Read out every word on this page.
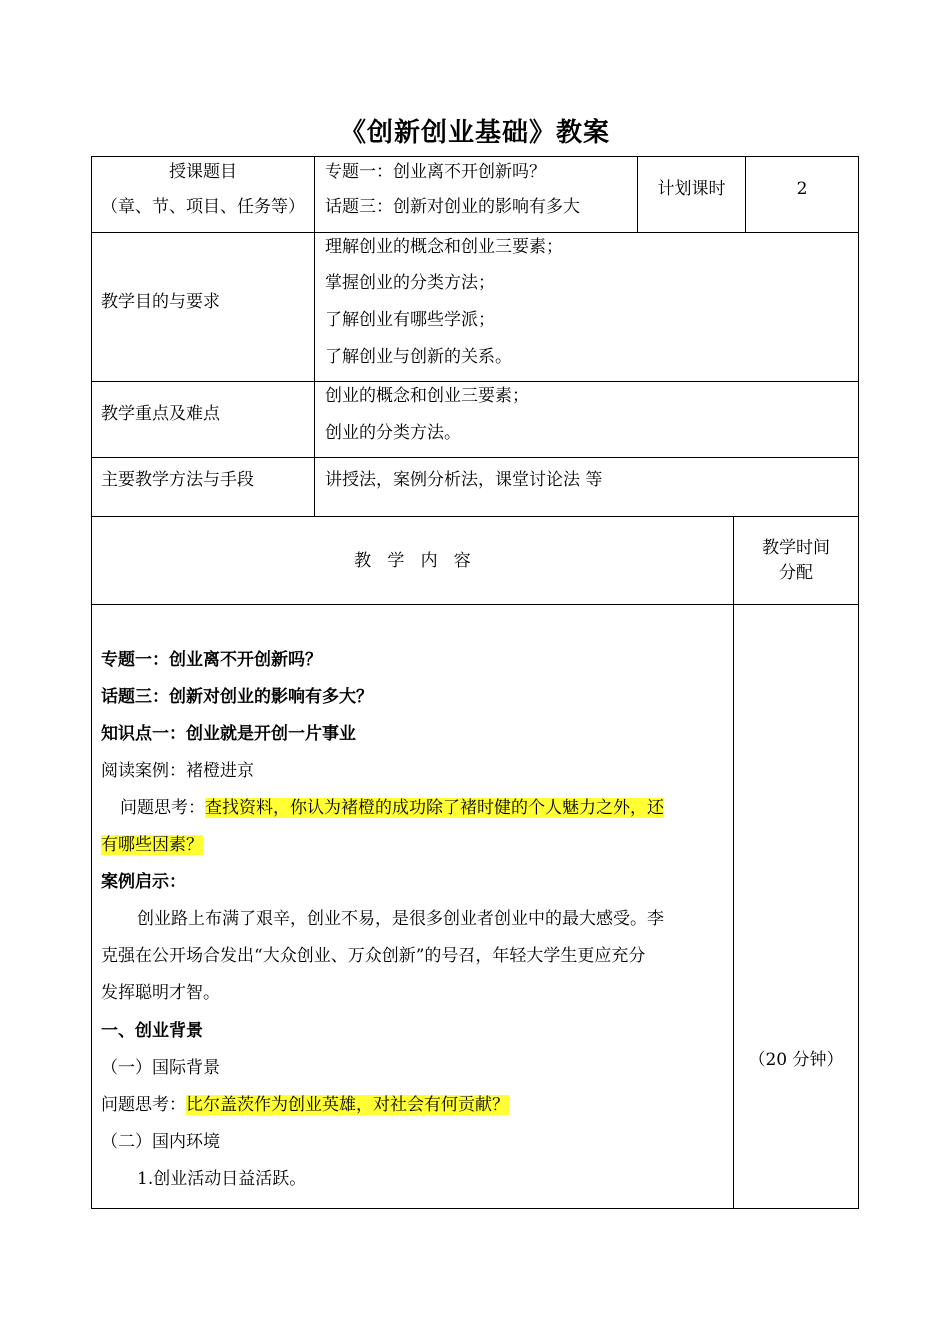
《创新创业基础》教案
授课题目
（章、节、项目、任务等）
专题一：创业离不开创新吗？
话题三：创新对创业的影响有多大
计划课时	2
教学目的与要求
理解创业的概念和创业三要素；
掌握创业的分类方法；
了解创业有哪些学派；
了解创业与创新的关系。
教学重点及难点
创业的概念和创业三要素；
创业的分类方法。
主要教学方法与手段	讲授法，案例分析法，课堂讨论法 等
教   学   内   容
教学时间
分配
专题一：创业离不开创新吗？
话题三：创新对创业的影响有多大？
知识点一：创业就是开创一片事业
阅读案例：褚橙进京
问题思考：查找资料，你认为褚橙的成功除了褚时健的个人魅力之外，还
有哪些因素？
案例启示：
创业路上布满了艰辛，创业不易，是很多创业者创业中的最大感受。李
克强在公开场合发出“大众创业、万众创新”的号召，年轻大学生更应充分
发挥聪明才智。
一、创业背景
（一）国际背景
问题思考：比尔盖茨作为创业英雄，对社会有何贡献？
（二）国内环境
1.创业活动日益活跃。
（20 分钟）
